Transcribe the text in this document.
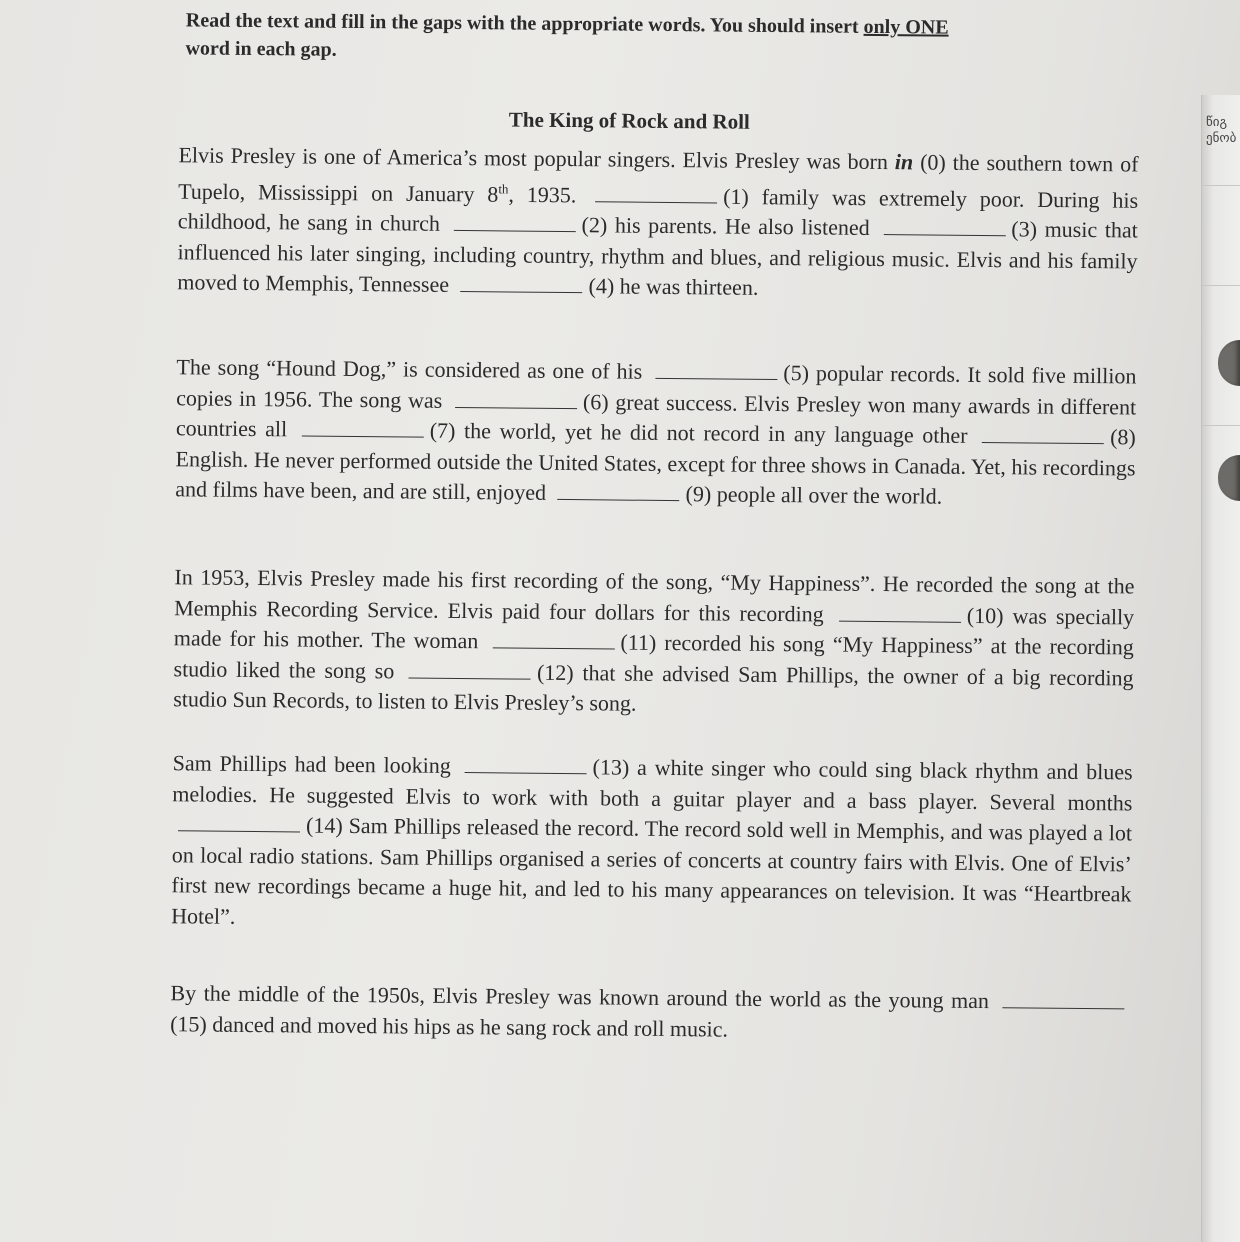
წიგ ენობ
Read the text and fill in the gaps with the appropriate words. You should insert only ONE
word in each gap.
The King of Rock and Roll
Elvis Presley is one of America’s most popular singers. Elvis Presley was born in (0) the southern town of Tupelo, Mississippi on January 8th, 1935.	(1) family was extremely poor. During his childhood, he sang in church	(2) his parents. He also listened	(3) music that influenced his later singing, including country, rhythm and blues, and religious music. Elvis and his family moved to Memphis, Tennessee	(4) he was thirteen.
The song “Hound Dog,” is considered as one of his	(5) popular records. It sold five million copies in 1956. The song was	(6) great success. Elvis Presley won many awards in different countries all	(7) the world, yet he did not record in any language other	(8) English. He never performed outside the United States, except for three shows in Canada. Yet, his recordings and films have been, and are still, enjoyed	(9) people all over the world.
In 1953, Elvis Presley made his first recording of the song, “My Happiness”. He recorded the song at the Memphis Recording Service. Elvis paid four dollars for this recording	(10) was specially made for his mother. The woman	(11) recorded his song “My Happiness” at the recording studio liked the song so	(12) that she advised Sam Phillips, the owner of a big recording studio Sun Records, to listen to Elvis Presley’s song.
Sam Phillips had been looking	(13) a white singer who could sing black rhythm and blues melodies. He suggested Elvis to work with both a guitar player and a bass player. Several months (14) Sam Phillips released the record. The record sold well in Memphis, and was played a lot on local radio stations. Sam Phillips organised a series of concerts at country fairs with Elvis. One of Elvis’ first new recordings became a huge hit, and led to his many appearances on television. It was “Heartbreak Hotel”.
By the middle of the 1950s, Elvis Presley was known around the world as the young man (15) danced and moved his hips as he sang rock and roll music.
